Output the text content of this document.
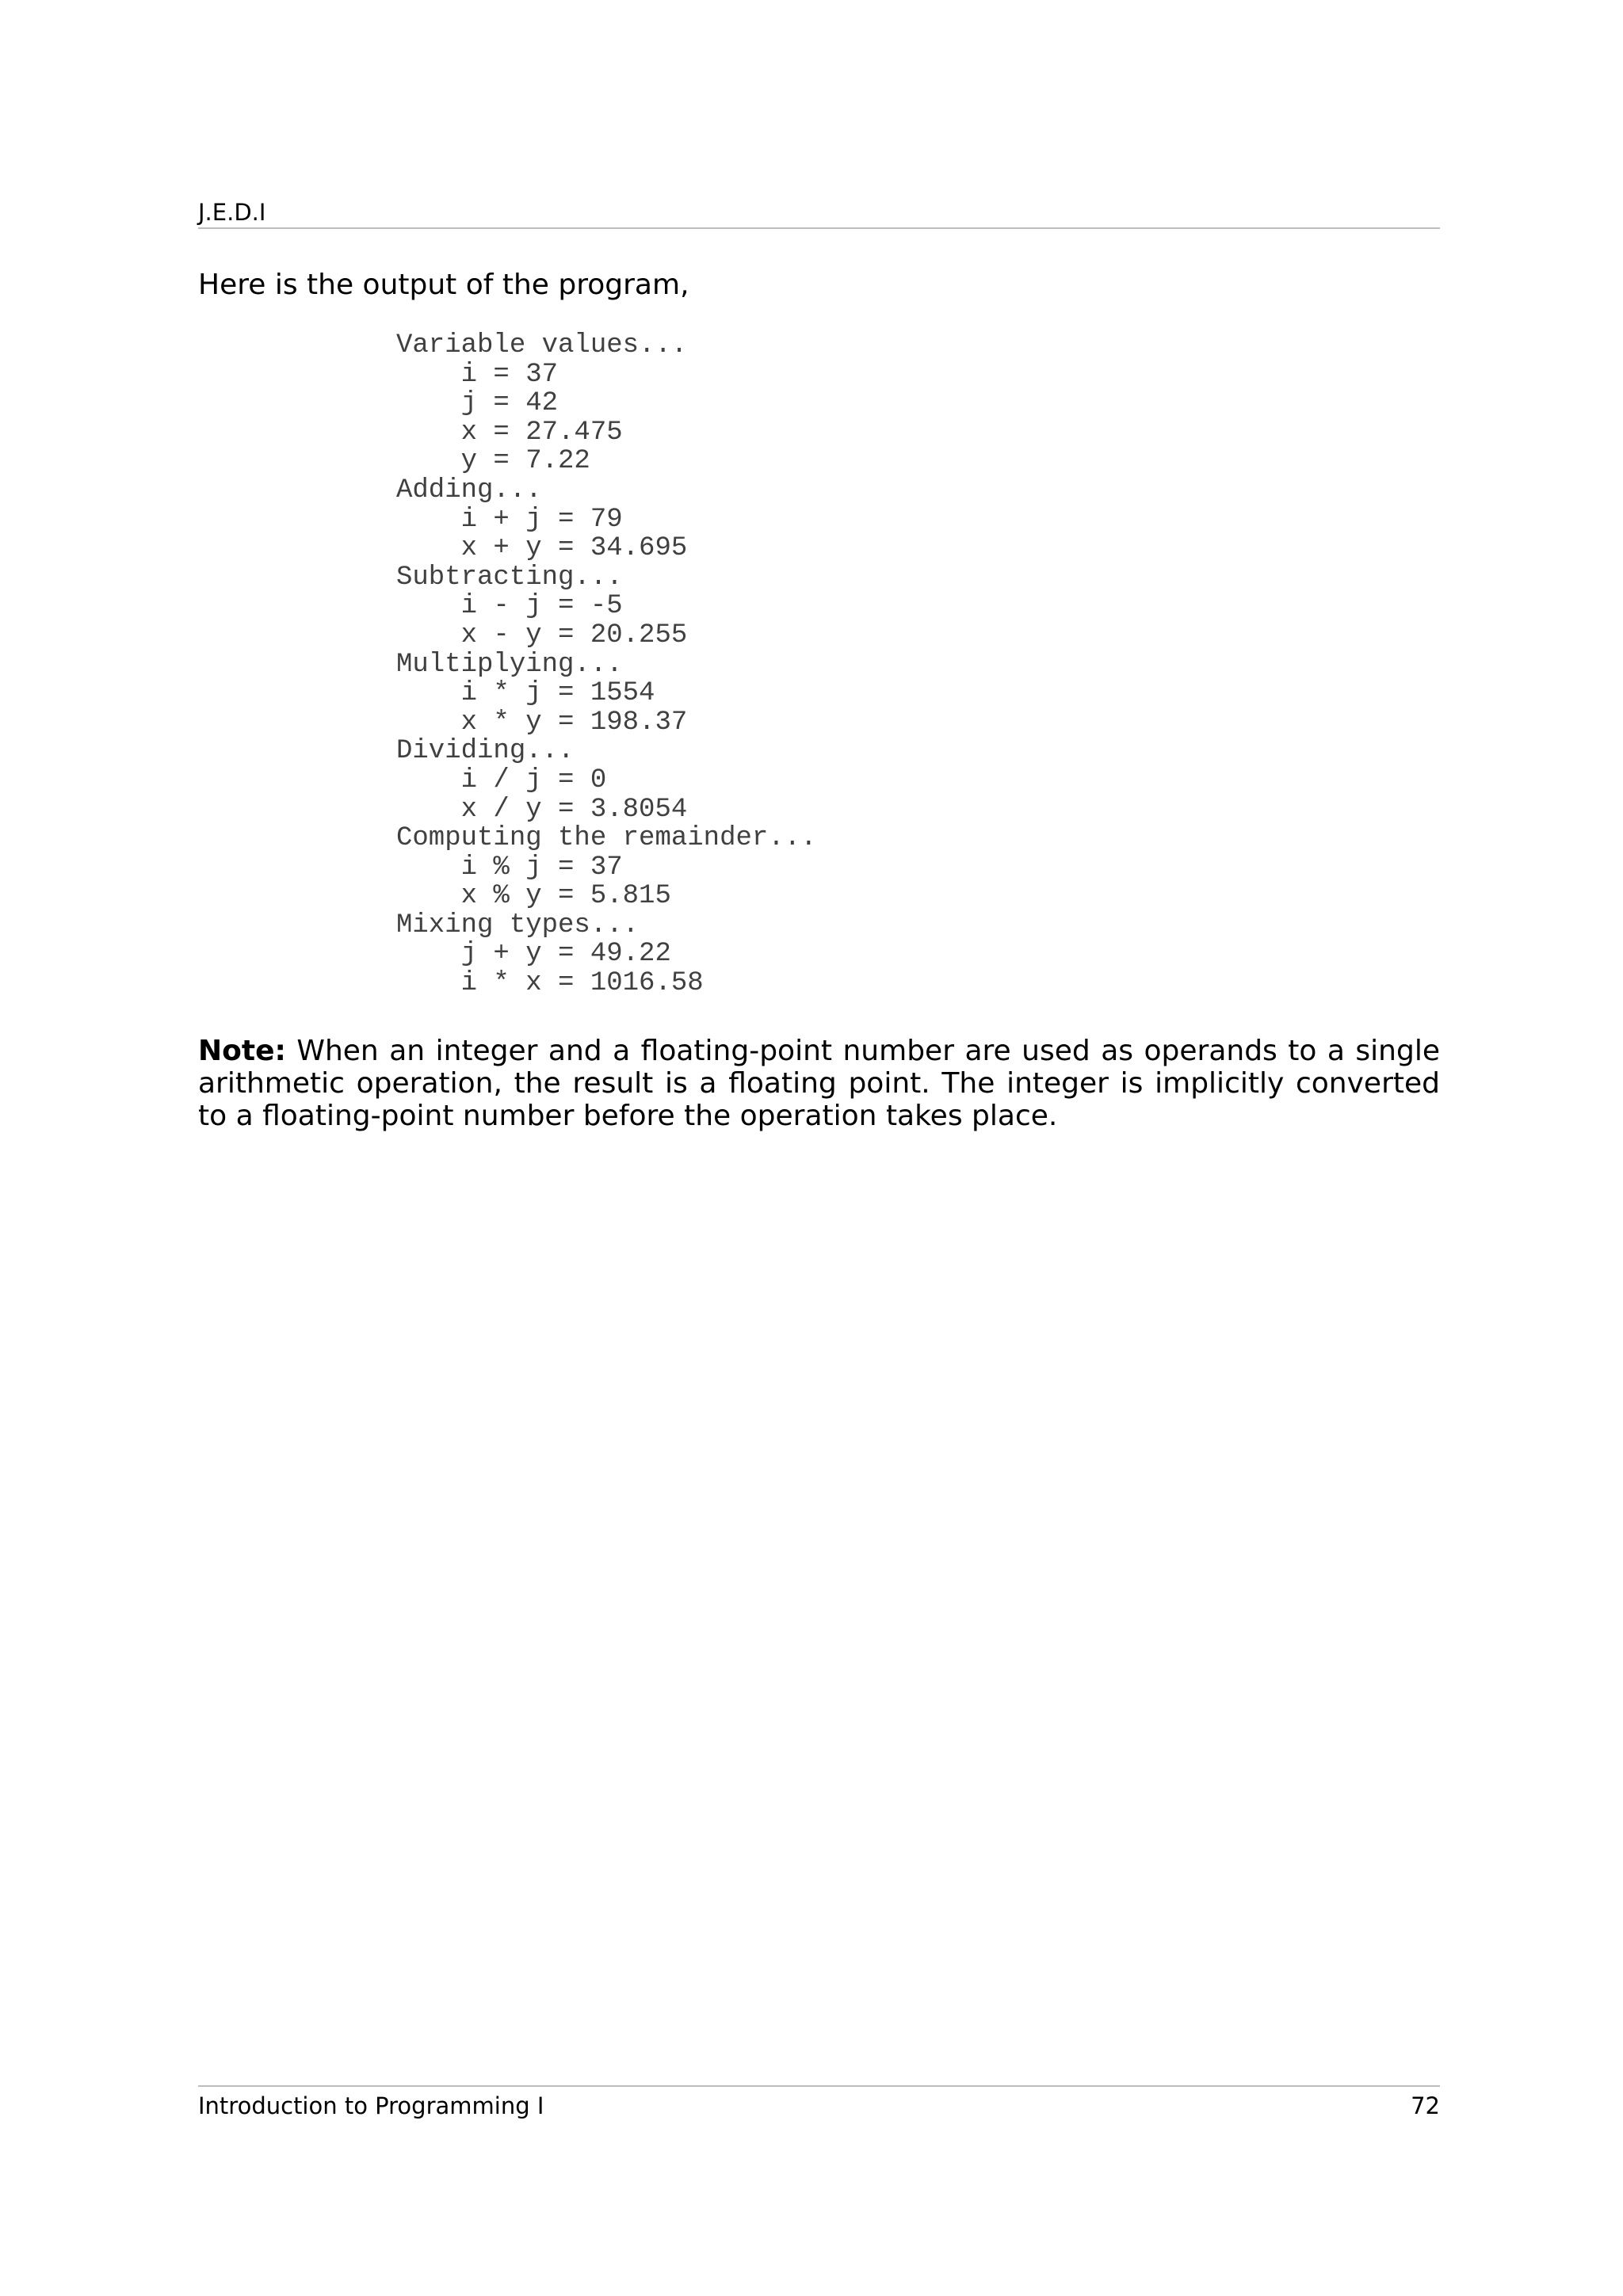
J.E.D.I
Here is the output of the program,
Variable values...
i = 37
j = 42
x = 27.475
y = 7.22
Adding...
i + j = 79
x + y = 34.695
Subtracting...
i - j = -5
x - y = 20.255
Multiplying...
i * j = 1554
x * y = 198.37
Dividing...
i / j = 0
x / y = 3.8054
Computing the remainder...
i % j = 37
x % y = 5.815
Mixing types...
j + y = 49.22
i * x = 1016.58
Note: When an integer and a floating-point number are used as operands to a single arithmetic operation, the result is a floating point. The integer is implicitly converted to a floating-point number before the operation takes place.
Introduction to Programming I	72
